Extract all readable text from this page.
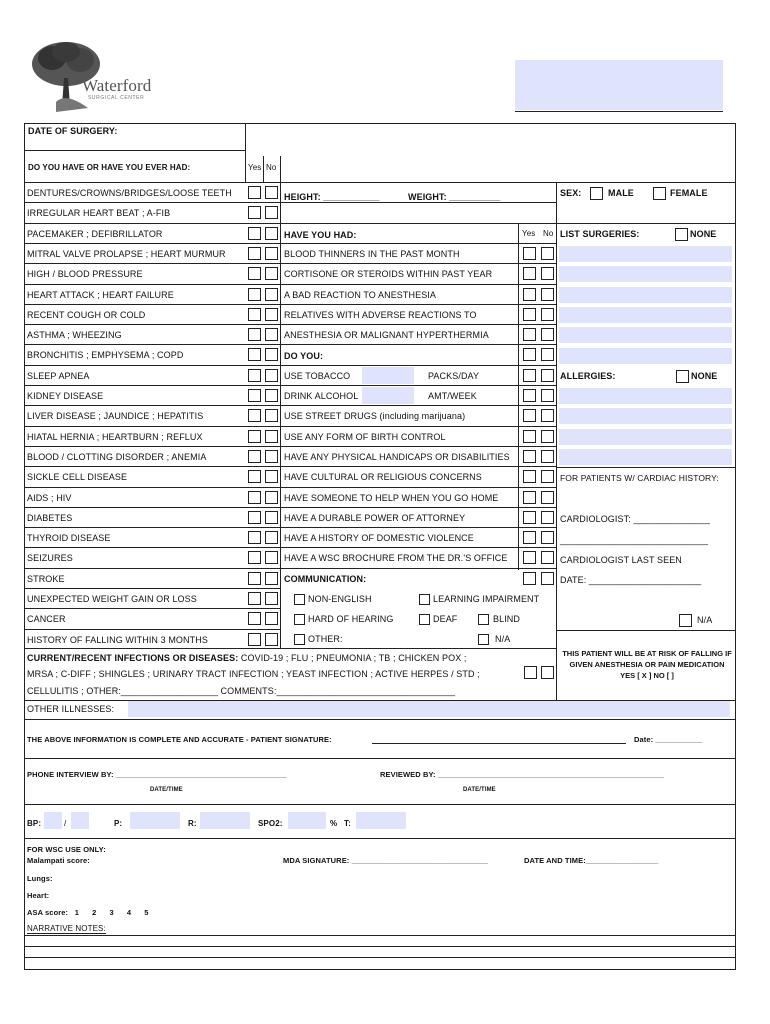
Waterford
SURGICAL CENTER
DATE OF SURGERY:
DO YOU HAVE OR HAVE YOU EVER HAD:	Yes No
DENTURES/CROWNS/BRIDGES/LOOSE TEETH
IRREGULAR HEART BEAT ; A-FIB
PACEMAKER ; DEFIBRILLATOR
MITRAL VALVE PROLAPSE ; HEART MURMUR
HIGH / BLOOD PRESSURE
HEART ATTACK ; HEART FAILURE
RECENT COUGH OR COLD
ASTHMA ; WHEEZING
BRONCHITIS ; EMPHYSEMA ; COPD
SLEEP APNEA
KIDNEY DISEASE
LIVER DISEASE ; JAUNDICE ; HEPATITIS
HIATAL HERNIA ; HEARTBURN ; REFLUX
BLOOD / CLOTTING DISORDER ; ANEMIA
SICKLE CELL DISEASE
AIDS ; HIV
DIABETES
THYROID DISEASE
SEIZURES
STROKE
UNEXPECTED WEIGHT GAIN OR LOSS
CANCER
HISTORY OF FALLING WITHIN 3 MONTHS
HEIGHT: ___________	WEIGHT: __________
HAVE YOU HAD:	Yes No
BLOOD THINNERS IN THE PAST MONTH
CORTISONE OR STEROIDS WITHIN PAST YEAR
A BAD REACTION TO ANESTHESIA
RELATIVES WITH ADVERSE REACTIONS TO
ANESTHESIA OR MALIGNANT HYPERTHERMIA
DO YOU:
USE TOBACCO	PACKS/DAY
DRINK ALCOHOL	AMT/WEEK
USE STREET DRUGS (including marijuana)
USE ANY FORM OF BIRTH CONTROL
HAVE ANY PHYSICAL HANDICAPS OR DISABILITIES
HAVE CULTURAL OR RELIGIOUS CONCERNS
HAVE SOMEONE TO HELP WHEN YOU GO HOME
HAVE A DURABLE POWER OF ATTORNEY
HAVE A HISTORY OF DOMESTIC VIOLENCE
HAVE A WSC BROCHURE FROM THE DR.'S OFFICE
COMMUNICATION:
NON-ENGLISH	LEARNING IMPAIRMENT
HARD OF HEARING	DEAF	BLIND
OTHER:	N/A
SEX:	MALE	FEMALE
LIST SURGERIES:	NONE
ALLERGIES:	NONE
FOR PATIENTS W/ CARDIAC HISTORY:
CARDIOLOGIST: _______________
_____________________________
CARDIOLOGIST LAST SEEN
DATE: ______________________
N/A
THIS PATIENT WILL BE AT RISK OF FALLING IF GIVEN ANESTHESIA OR PAIN MEDICATION YES [ X ] NO [ ]
CURRENT/RECENT INFECTIONS OR DISEASES: COVID-19 ; FLU ; PNEUMONIA ; TB ; CHICKEN POX ;
MRSA ; C-DIFF ; SHINGLES ; URINARY TRACT INFECTION ; YEAST INFECTION ; ACTIVE HERPES / STD ;
CELLULITIS ; OTHER:___________________ COMMENTS:___________________________________
OTHER ILLNESSES:
THE ABOVE INFORMATION IS COMPLETE AND ACCURATE - PATIENT SIGNATURE:	Date: ___________
PHONE INTERVIEW BY: ________________________________________	REVIEWED BY: _____________________________________________________
DATE/TIME	DATE/TIME
BP:	/	P:	R:	SPO2:	% T:
FOR WSC USE ONLY:
Malampati score:	MDA SIGNATURE: ________________________________	DATE AND TIME:_________________
Lungs:
Heart:
ASA score:   1      2      3      4      5
NARRATIVE NOTES:
